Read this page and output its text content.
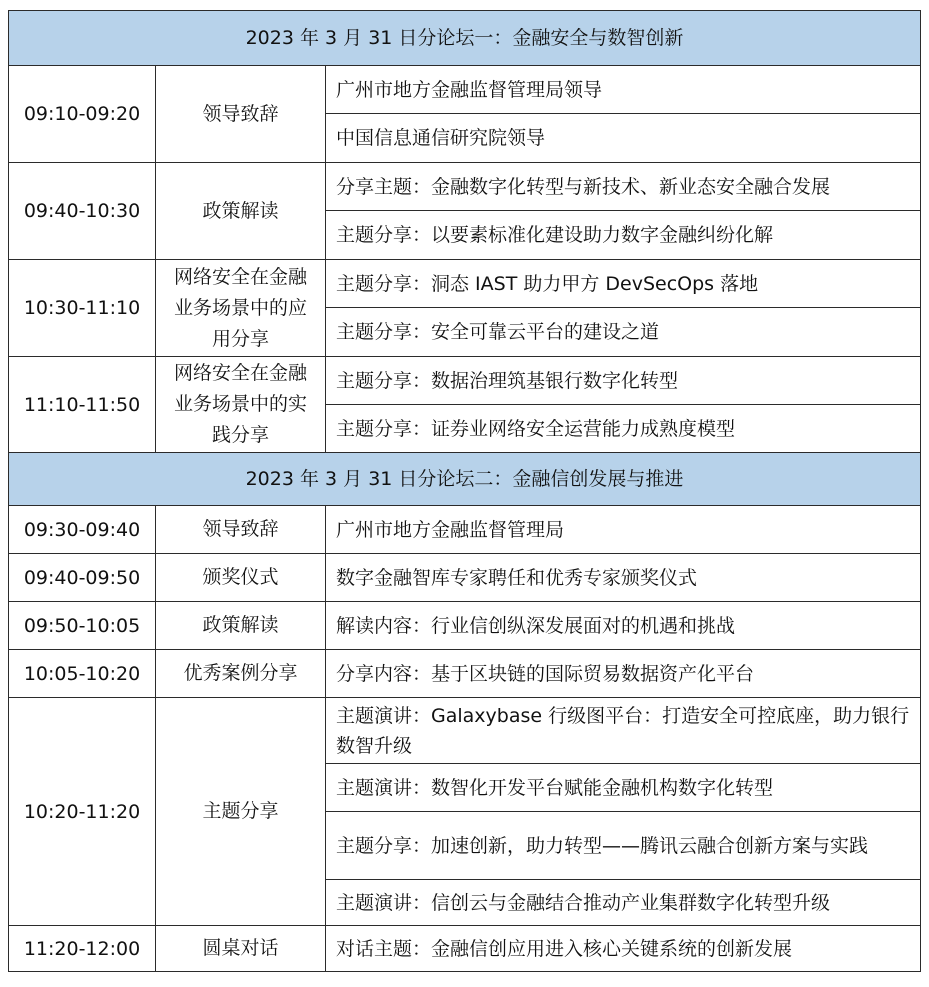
2023 年 3 月 31 日分论坛一：金融安全与数智创新		
09:10-09:20	领导致辞	广州市地方金融监督管理局领导
		中国信息通信研究院领导
09:40-10:30	政策解读	分享主题：金融数字化转型与新技术、新业态安全融合发展
		主题分享：以要素标准化建设助力数字金融纠纷化解
10:30-11:10	网络安全在金融业务场景中的应用分享	主题分享：洞态 IAST 助力甲方 DevSecOps 落地
		主题分享：安全可靠云平台的建设之道
11:10-11:50	网络安全在金融业务场景中的实践分享	主题分享：数据治理筑基银行数字化转型
		主题分享：证券业网络安全运营能力成熟度模型
2023 年 3 月 31 日分论坛二：金融信创发展与推进		
09:30-09:40	领导致辞	广州市地方金融监督管理局
09:40-09:50	颁奖仪式	数字金融智库专家聘任和优秀专家颁奖仪式
09:50-10:05	政策解读	解读内容：行业信创纵深发展面对的机遇和挑战
10:05-10:20	优秀案例分享	分享内容：基于区块链的国际贸易数据资产化平台
10:20-11:20	主题分享	主题演讲：Galaxybase 行级图平台：打造安全可控底座，助力银行数智升级
		主题演讲：数智化开发平台赋能金融机构数字化转型
		主题分享：加速创新，助力转型——腾讯云融合创新方案与实践
		主题演讲：信创云与金融结合推动产业集群数字化转型升级
11:20-12:00	圆桌对话	对话主题：金融信创应用进入核心关键系统的创新发展
